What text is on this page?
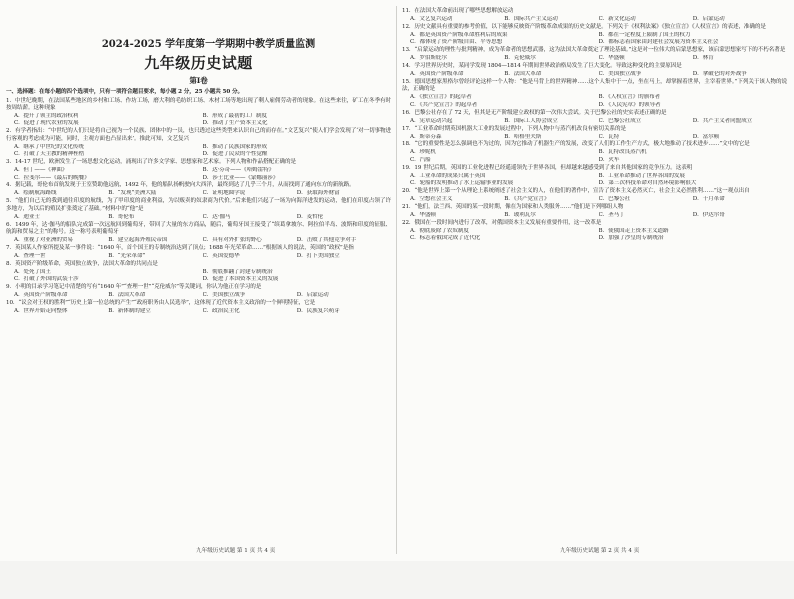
2024-2025 学年度第一学期期中教学质量监测
九年级历史试题
第Ⅰ卷
一、选择题：在每小题的四个选项中，只有一项符合题目要求，每小题 2 分，25 小题共 50 分。
1．中世纪晚期，在法国某些地区的乡村和工场、作坊工场，磨大利的毛纺织工场、木材工场等地出现了剩人雇佣劳动者的现象。在这些来往，矿工在冬季有时按周结薪。这种现象
A．提升了领主的政治权利	B．形成了最初的工厂制度
C．促进了现代农业的发展	D．推动了生产资本主义化
2．有学者指出：“中世纪的人们只是将自己视为一个民族、团体中的一员，也只透过这些类型来认识自己的而存在。”文艺复兴“使人们学会发现了‘对一切事物进行客观的考虑成为可能，同时，主观方面也凸显出来’。推此可知，文艺复兴
A．继承了中世纪的文化传统	B．推动了民族国家的形成
C．打破了天主教的精神桎梏	D．促进了民众的个性觉醒
3．14-17 世纪，欧洲发生了一场思想文化运动，涌现出了许多文学家、思想家和艺术家。下列人物和作品搭配正确的是
A．但丁——《神曲》	B．达·芬奇——《哈姆雷特》
C．拉斐尔——《最后的晚餐》	D．莎士比亚——《蒙娜丽莎》
4．据记载，哥伦布首航发现于王室赞助他远航，1492 年，他的船队扬帆驶向大西洋，最终到达了几乎三个月，从而找到了通向东方的新航路。
A．绘制航海路线	B．“发现”美洲大陆	C．证明地圆学说	D．获取海外财富
5．“他们自己无的我到通往印度的航线，为了甲印度的商业利益，为以贩卖的奴隶商为代价。”后来他们兴起了一场为向海洋进发的运动，他们在印度占领了许多地方，为以后的殖民扩张奠定了基础。”材料中的“他”是
A．迪亚士	B．哥伦布	C．达·伽马	D．麦哲伦
6．1499 年，达·伽马的船队完成第一次远航回到葡萄牙，带回了大量的东方商品，随后，葡萄牙国王接受了“缤葛拿坡尔、阿拉伯半岛、波斯和印度的征服、航海和贸易之主”的称号。这一称号表明葡萄牙
A．重视了对亚洲的贸易	B．建立起海外殖民帝国	C．具有对外扩张的野心	D．击败了其他竞争对手
7．英国某人作家所提及某一事件说：“1640 年，首个国王的专制统治达到了顶点；1688 年光荣革命……”根据该人的说法，英国的“政权”是指
A．查理一世	B．“光荣革命”	C．英国爱德华	D．打下美国独立
8．英国资产阶级革命，英国独立战争，法国大革命的共同点是
A．处死了国王	B．彻底推翻了封建专制统治
C．打破了外国的武装干涉	D．促进了本国资本主义的发展
9．小明的目录学习笔记中清楚的写有“1640 年”“查理一世”“克伦威尔”等关键词，你认为他正在学习的是
A．英国资产阶级革命	B．法国大革命	C．美国独立战争	D．启蒙运动
10．“议会对王权的胜利”“历史上第一位总统的产生”“政府职务由人民选举”，这体现了近代资本主义政治的一个鲜明特征，它是
A．世界开始走向整体	B．新体制的建立	C．政治民主化	D．民族复兴萌芽
11．在法国大革命前出现了哪些思想解放运动
A．文艺复兴运动	B．国际共产主义运动	C．新文化运动	D．启蒙运动
12．历史文献具有重要的参考价值，以下能够反映资产阶级革命成果的历史文献是。下列关于《权利法案》《独立宣言》《人权宣言》的表述，准确的是
A．都是英国资产阶级革命胜利后的成果	B．都在一定程度上限制了国王的权力
C．都体现了资产阶级自由、平等思想	D．都标志着国家由封建社会发展为资本主义社会
13．“启蒙运动的理性与批判精神，成为革命者的思想武器，这为法国大革命奠定了理论基础。”这是对一位伟大的启蒙思想家，该启蒙思想家写下的不朽名著是
A．罗伯斯庇尔	B．克伦威尔	C．华盛顿	D．林肯
14．学习世界历史时，某同学发现 1804—1814 年期间世界政治格局发生了巨大变化。导致这种变化的主要原因是
A．英国资产阶级革命	B．法国大革命	C．美国独立战争	D．拿破仑的对外战争
15．德国思想家黑格尔曾经评论这样一个人物：“他是马背上的世界精神……这个人集中于一点，坐在马上，却掌握着世界，主宰着世界。”下列关于该人物的说法，正确的是
A．《独立宣言》的起草者	B．《人权宣言》的颁布者
C．《共产党宣言》的起草者	D．《人民宪章》的领导者
16．巴黎公社存在了 72 天，但其是无产阶级建立政权的第一次伟大尝试。关于巴黎公社的史实表述正确的是
A．宪章运动兴起	B．国际工人协会成立	C．巴黎公社成立	D．共产主义者同盟成立
17．“工业革命时期英国机器大工业的发展过程中，下列人物中与蒸汽机改良有密切关系的是
A．斯蒂芬森	B．哈格里夫斯	C．瓦特	D．富尔顿
18．“它的重要性是怎么强调也不为过的，因为它推动了机器生产的发展，改变了人们的工作生产方式，极大地推动了技术进步……”文中的它是
A．珍妮机	B．瓦特改良蒸汽机
C．汽船	D．火车
19．19 世纪后期，英国的工业化进程已经遥遥领先于世界各国，但却越来越感受到了来自其他国家的竞争压力。这表明
A．工业革命的成果只属于英国	B．工业革命推动了世界各国的发展
C．轮船的发明推动了水上运输事业的发展	D．第三次科技革命对自然环境影响很大
20．“他是世界上第一个从理论上系统阐述了社会主义的人，在他们的著作中，宣告了资本主义必然灭亡，社会主义必然胜利……”这一观点出自
A．空想社会主义	B．《共产党宣言》	C．巴黎公社	D．十月革命
21．“他们，法兰西、英国的某一段时期，像在为国家和人类服务……”他们是下列哪组人物
A．华盛顿	B．玻利瓦尔	C．圣马丁	D．伊达尔哥
22．俄国在一段时间内进行了改革，对俄国资本主义发展有重要作用，这一改革是
A．彻底废除了农奴制度	B．使俄国走上资本主义道路
C．标志着俄国完成了近代化	D．加强了沙皇的专制统治
九年级历史试题 第 1 页 共 4 页	九年级历史试题 第 2 页 共 4 页
